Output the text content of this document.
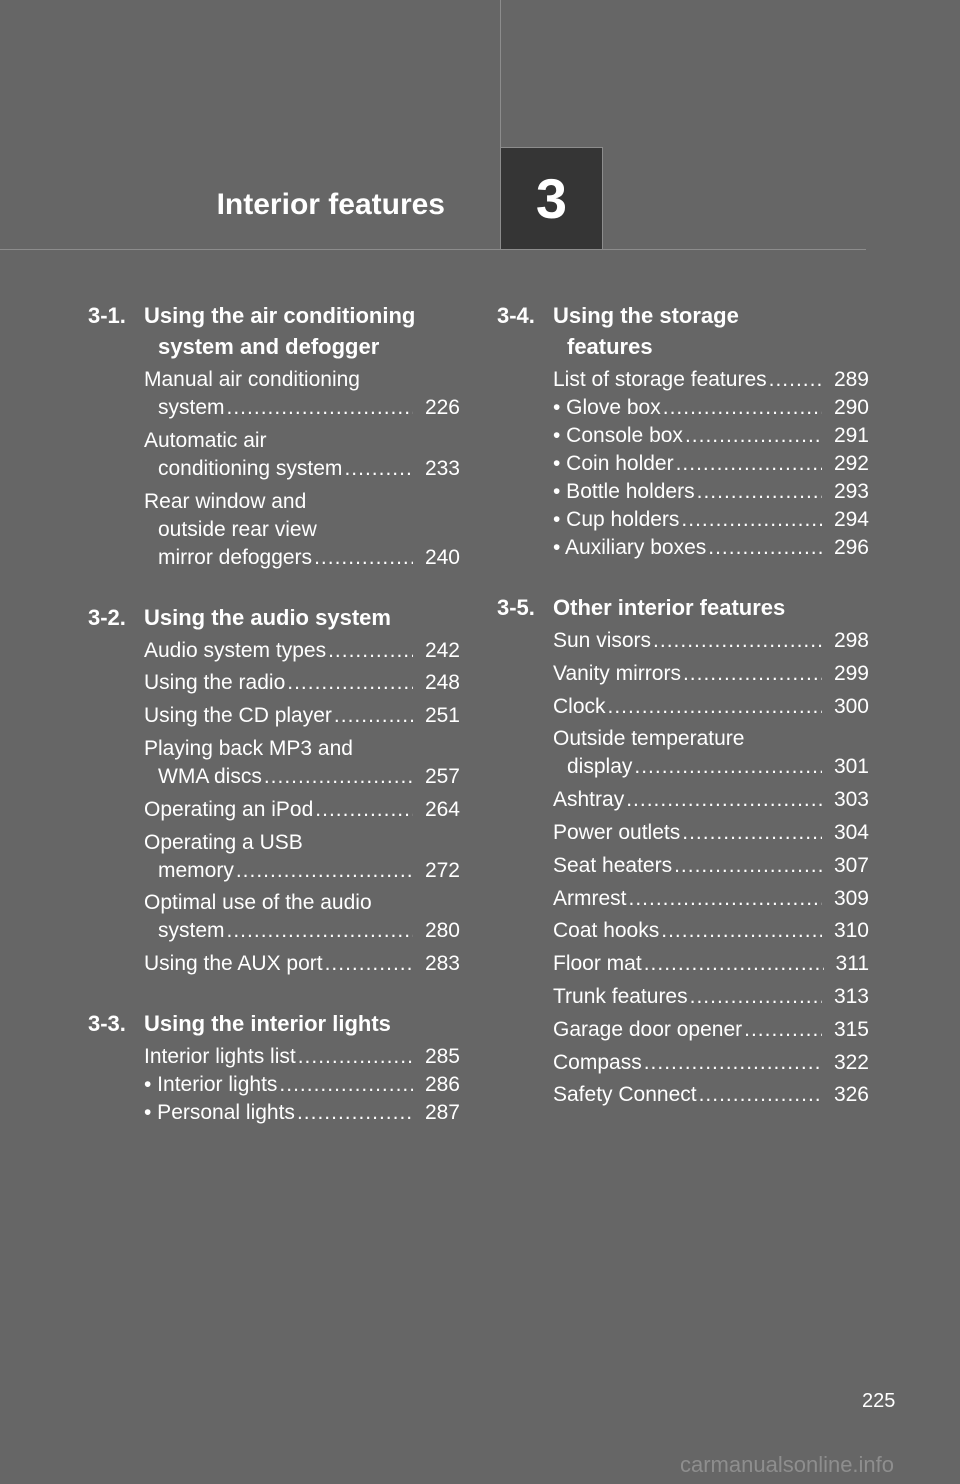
Interior features 3
3-1. Using the air conditioning
system and defogger
Manual air conditioning
system .....	226
Automatic air
conditioning system .....	233
Rear window and
outside rear view
mirror defoggers .....	240
3-2. Using the audio system
Audio system types .....	242
Using the radio .....	248
Using the CD player .....	251
Playing back MP3 and
WMA discs .....	257
Operating an iPod .....	264
Operating a USB
memory .....	272
Optimal use of the audio
system .....	280
Using the AUX port .....	283
3-3. Using the interior lights
Interior lights list .....	285
• Interior lights .....	286
• Personal lights .....	287
3-4. Using the storage
features
List of storage features .....	289
• Glove box .....	290
• Console box .....	291
• Coin holder .....	292
• Bottle holders .....	293
• Cup holders .....	294
• Auxiliary boxes .....	296
3-5. Other interior features
Sun visors .....	298
Vanity mirrors .....	299
Clock .....	300
Outside temperature
display .....	301
Ashtray .....	303
Power outlets .....	304
Seat heaters .....	307
Armrest .....	309
Coat hooks .....	310
Floor mat .....	311
Trunk features .....	313
Garage door opener .....	315
Compass .....	322
Safety Connect .....	326
225
carmanualsonline.info
